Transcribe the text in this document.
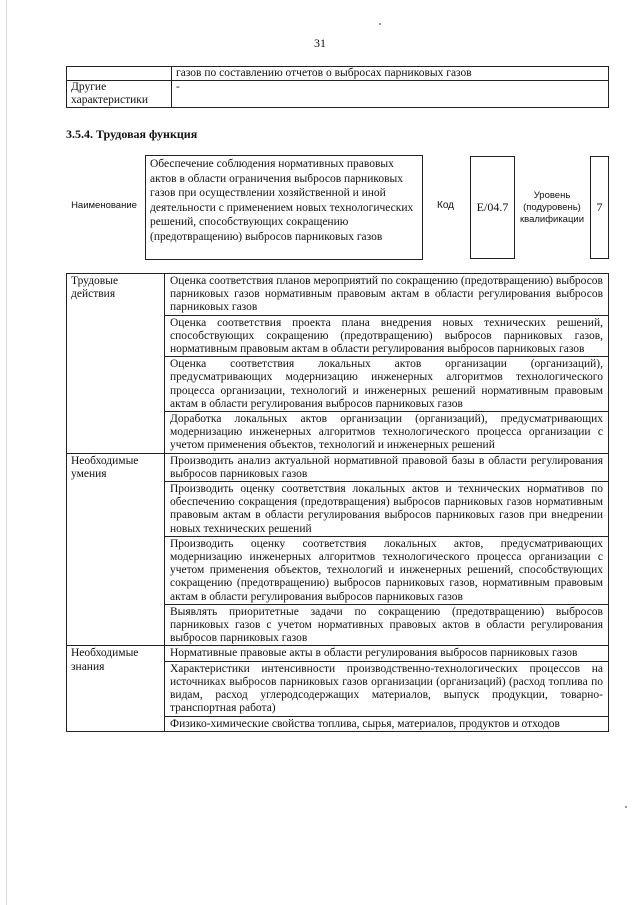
31
	газов по составлению отчетов о выбросах парниковых газов
Другие характеристики	-
3.5.4. Трудовая функция
Наименование
Обеспечение соблюдения нормативных правовых актов в области ограничения выбросов парниковых газов при осуществлении хозяйственной и иной деятельности с применением новых технологических решений, способствующих сокращению (предотвращению) выбросов парниковых газов
Код E/04.7
Уровень (подуровень) квалификации
7
Трудовые действия	Оценка соответствия планов мероприятий по сокращению (предотвращению) выбросов парниковых газов нормативным правовым актам в области регулирования выбросов парниковых газов
	Оценка соответствия проекта плана внедрения новых технических решений, способствующих сокращению (предотвращению) выбросов парниковых газов, нормативным правовым актам в области регулирования выбросов парниковых газов
	Оценка соответствия локальных актов организации (организаций), предусматривающих модернизацию инженерных алгоритмов технологического процесса организации, технологий и инженерных решений нормативным правовым актам в области регулирования выбросов парниковых газов
	Доработка локальных актов организации (организаций), предусматривающих модернизацию инженерных алгоритмов технологического процесса организации с учетом применения объектов, технологий и инженерных решений
Необходимые умения	Производить анализ актуальной нормативной правовой базы в области регулирования выбросов парниковых газов
	Производить оценку соответствия локальных актов и технических нормативов по обеспечению сокращения (предотвращения) выбросов парниковых газов нормативным правовым актам в области регулирования выбросов парниковых газов при внедрении новых технических решений
	Производить оценку соответствия локальных актов, предусматривающих модернизацию инженерных алгоритмов технологического процесса организации с учетом применения объектов, технологий и инженерных решений, способствующих сокращению (предотвращению) выбросов парниковых газов, нормативным правовым актам в области регулирования выбросов парниковых газов
	Выявлять приоритетные задачи по сокращению (предотвращению) выбросов парниковых газов с учетом нормативных правовых актов в области регулирования выбросов парниковых газов
Необходимые знания	Нормативные правовые акты в области регулирования выбросов парниковых газов
	Характеристики интенсивности производственно-технологических процессов на источниках выбросов парниковых газов организации (организаций) (расход топлива по видам, расход углеродсодержащих материалов, выпуск продукции, товарно-транспортная работа)
	Физико-химические свойства топлива, сырья, материалов, продуктов и отходов
